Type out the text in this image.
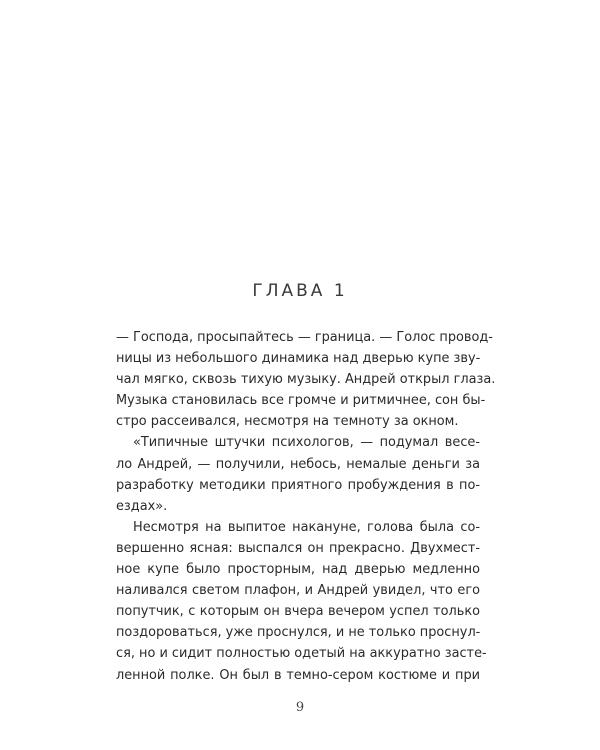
ГЛАВА 1
— Господа, просыпайтесь — граница. — Голос провод-
ницы из небольшого динамика над дверью купе зву-
чал мягко, сквозь тихую музыку. Андрей открыл глаза.
Музыка становилась все громче и ритмичнее, сон бы-
стро рассеивался, несмотря на темноту за окном.
«Типичные штучки психологов, — подумал весе-
ло Андрей, — получили, небось, немалые деньги за
разработку методики приятного пробуждения в по-
ездах».
Несмотря на выпитое накануне, голова была со-
вершенно ясная: выспался он прекрасно. Двухмест-
ное купе было просторным, над дверью медленно
наливался светом плафон, и Андрей увидел, что его
попутчик, с которым он вчера вечером успел только
поздороваться, уже проснулся, и не только проснул-
ся, но и сидит полностью одетый на аккуратно засте-
ленной полке. Он был в темно-сером костюме и при
9
